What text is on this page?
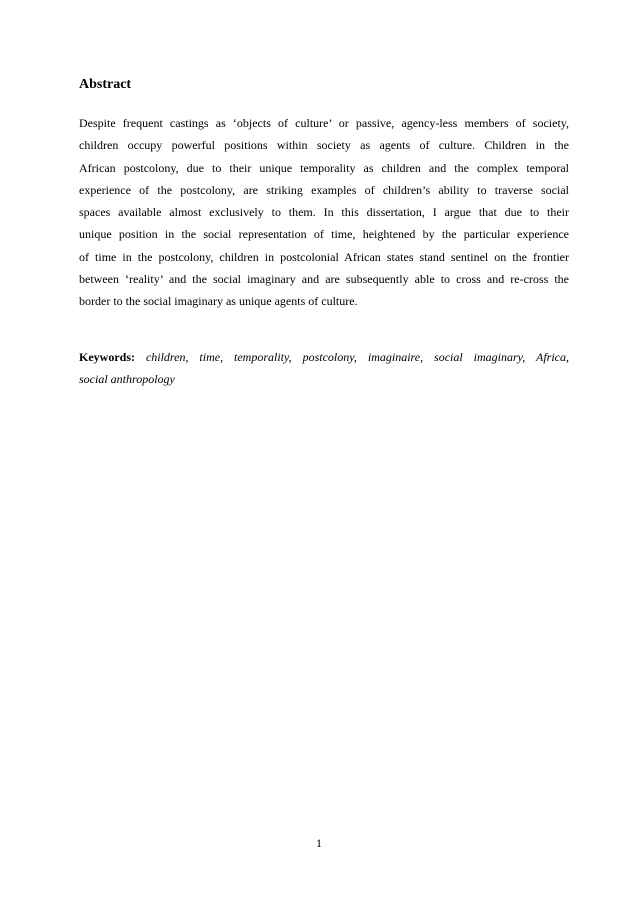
Abstract
Despite frequent castings as ‘objects of culture’ or passive, agency-less members of society,
children occupy powerful positions within society as agents of culture. Children in the
African postcolony, due to their unique temporality as children and the complex temporal
experience of the postcolony, are striking examples of children’s ability to traverse social
spaces available almost exclusively to them. In this dissertation, I argue that due to their
unique position in the social representation of time, heightened by the particular experience
of time in the postcolony, children in postcolonial African states stand sentinel on the frontier
between ‘reality’ and the social imaginary and are subsequently able to cross and re-cross the
border to the social imaginary as unique agents of culture.
Keywords: children, time, temporality, postcolony, imaginaire, social imaginary, Africa,
social anthropology
1
